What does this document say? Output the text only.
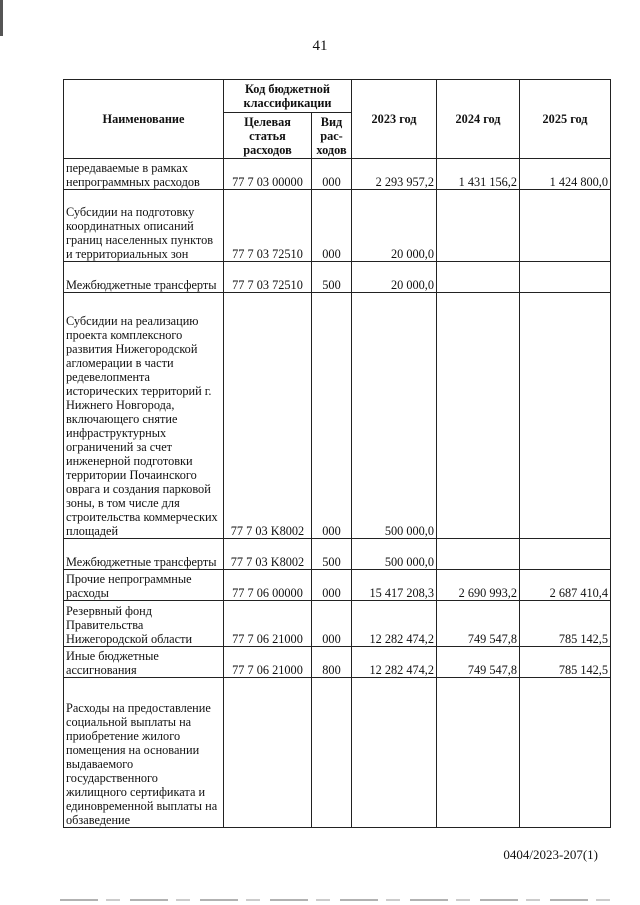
41
Наименование	Код бюджетной классификации		2023 год	2024 год	2025 год
	Целевая статья расходов	Вид рас-ходов			
передаваемые в рамках непрограммных расходов	77 7 03 00000	000	2 293 957,2	1 431 156,2	1 424 800,0
Субсидии на подготовку координатных описаний границ населенных пунктов и территориальных зон	77 7 03 72510	000	20 000,0		
Межбюджетные трансферты	77 7 03 72510	500	20 000,0		
Субсидии на реализацию проекта комплексного развития Нижегородской агломерации в части редевелопмента исторических территорий г. Нижнего Новгорода, включающего снятие инфраструктурных ограничений за счет инженерной подготовки территории Почаинского оврага и создания парковой зоны, в том числе для строительства коммерческих площадей	77 7 03 K8002	000	500 000,0		
Межбюджетные трансферты	77 7 03 K8002	500	500 000,0		
Прочие непрограммные расходы	77 7 06 00000	000	15 417 208,3	2 690 993,2	2 687 410,4
Резервный фонд Правительства Нижегородской области	77 7 06 21000	000	12 282 474,2	749 547,8	785 142,5
Иные бюджетные ассигнования	77 7 06 21000	800	12 282 474,2	749 547,8	785 142,5
Расходы на предоставление социальной выплаты на приобретение жилого помещения на основании выдаваемого государственного жилищного сертификата и единовременной выплаты на обзаведение					
0404/2023-207(1)
